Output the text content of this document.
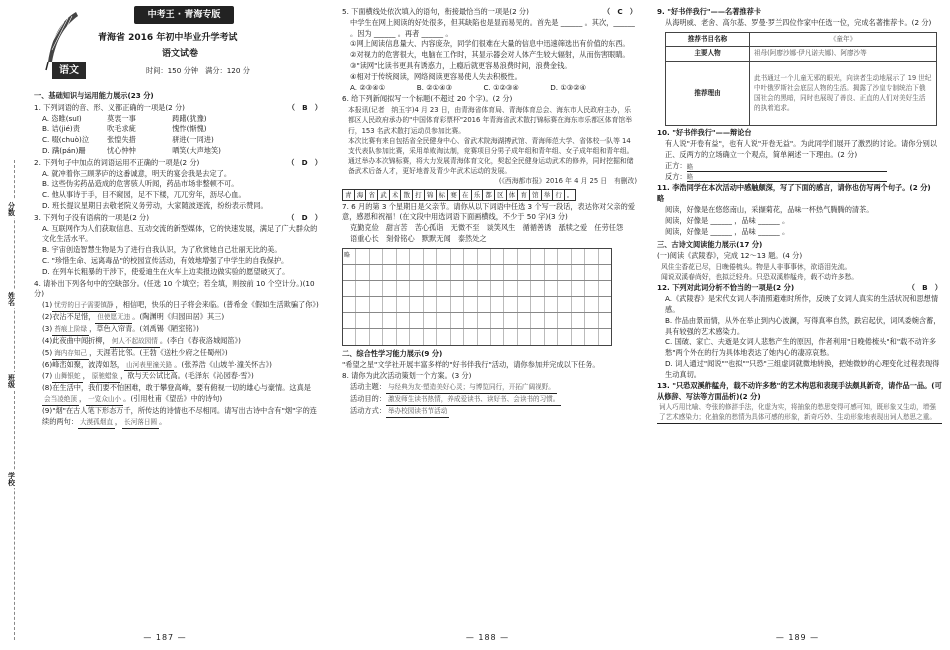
分数
姓名
班级
学校
中考王 · 青海专版
青海省 2016 年初中毕业升学考试
语文试卷
语文	时间：150 分钟　满分：120 分
一、基础知识与运用能力展示(23 分)
（　B　）
1. 下列词语的音、形、义都正确的一项是(2 分)
A. 恣睢(suī)	莫衷一事	踌躇(犹豫)
B. 诘(jié)责	吹毛求疵	愧怍(惭愧)
C. 啜(chuò)泣	张惶失措	骈进(一同进)
D. 蹒(pán)跚	忧心忡忡	哂笑(大声地笑)
（　D　）
2. 下列句子中加点的词语运用不正确的一项是(2 分)
A. 就冲着你三顾茅庐的这番诚意，明天的宴会我是去定了。
B. 这些伪劣药品造成的危害骇人听闻，药品市场非整顿不可。
C. 他从事诗于手，目不窥园，足不下楼，兀兀穷年，沥尽心血。
D. 班长提议星期日去敬老院义务劳动，大家随波逐流，纷纷表示赞同。
（　D　）
3. 下列句子没有语病的一项是(2 分)
A. 互联网作为人们获取信息、互动交流的新型媒体，它的快速发展，满足了广大群众的文化生活水平。
B. 宇宙创造智慧生物是为了进行自我认识，为了欣赏她自己壮丽无比的美。
C. "珍惜生命、远离毒品"的校园宣传活动，有效地增强了中学生的自我保护。
D. 在列车长粗暴的干涉下，使爱迪生在火车上边卖报边做实验的愿望破灭了。
4. 请补出下列各句中的空缺部分。(任选 10 个填空；若全填，则按前 10 个空计分。)(10 分)
(1) 忧劳的日子需要镇静 ，相信吧，快乐的日子将会来临。(普希金《假如生活欺骗了你》)
(2)衣沾不足惜， 但使愿无违 。(陶渊明《归园田居》其三)
(3) 苔痕上阶绿 ，草色入帘青。(刘禹锡《陋室铭》)
(4)此夜曲中闻折柳， 何人不起故园情 。(李白《春夜洛城闻笛》)
(5) 海内存知己 ，天涯若比邻。(王勃《送杜少府之任蜀州》)
(6)峰峦如聚，波涛如怒， 山河表里潼关路 。(张养浩《山坡羊·潼关怀古》)
(7) 山舞银蛇 ， 原驰蜡象 ，欲与天公试比高。(毛泽东《沁园春·雪》)
(8)在生活中，我们要不怕困难，敢于攀登高峰，要有俯视一切的雄心与豪情。这真是会当凌绝顶 ， 一览众山小 。(引用杜甫《望岳》中的诗句)
(9)"烟"在古人笔下形态万千，所传达的诗情也不尽相同。请写出古诗中含有"烟"字的连续的两句： 大漠孤烟直 ， 长河落日圆 。
— 187 —
（　C　）
5. 下面横线处依次填入的语句，衔接最恰当的一项是(2 分)
中学生在网上阅读的好处很多，但其缺陷也是显而易见的。首先是 ______ 。其次，______ 。因为 ______ 。再者 ______ 。
①网上阅读信息量大、内容庞杂，同学们很难在大量的信息中迅速筛选出有价值的东西。
②对视力的危害很大，电脑在工作时，其显示器会对人体产生较大辐射，从而伤害眼睛。
③"读网"比读书更具有诱惑力，上瘾后就更容易浪费时间，浪费金钱。
④相对于传统阅读，网络阅读更容易使人失去积极性。
A. ②③④①	B. ②①④③	C. ①②③④	D. ①③②④
6. 给下列新闻拟写一个标题(不超过 20 个字)。(2 分)
本报讯(记者　纳玉宇)4 月 23 日，由青海省体育局、青海体育总会、海东市人民政府主办，乐都区人民政府承办的"中国体育彩票杯"2016 年青海省武术散打锦标赛在海东市乐都区体育馆举行，153 名武术散打运动员参加比赛。
本次比赛有来自包括省全民健身中心、省武术院海湖搏武馆、青海师范大学、省体校一队等 14 支代表队参加比赛，采用单败淘汰制，竞赛项目分男子成年组和青年组、女子成年组和青年组。
通过举办本次锦标赛，将大力发展青海体育文化，契起全民健身运动武术的修养，同时挖掘和储备武术后备人才，更好地普及青少年武术运动的发展。
(《西海都市报》2016 年 4 月 25 日　有删改)
青 海 省 武 术 散 打 锦 标 赛 在 乐 都 区 体 育 馆 举 行 。
7. 6 月的第 3 个星期日是父亲节。请你从以下词语中任选 3 个写一段话，表达你对父亲的爱意，感恩和祝福！(在文段中用选词语下面画横线，不少于 50 字)(3 分)
克勤克俭　甜言苦　苦心孤诣　无微不至　谈笑风生　循循善诱　舐犊之爱　任劳任怨　语重心长　刻骨铭心　默默无闻　泰然处之
略
二、综合性学习能力展示(9 分)
"希望之星"文学社开展丰富多样的"好书伴我行"活动，请你参加并完成以下任务。
8. 请你为此次活动策划一个方案。(3 分)
活动主题： 与经典为友·塑造美好心灵；与博览同行，开拓广阔视野。
活动目的： 激发师生读书热情，养成爱读书、读好书、会读书的习惯。
活动方式： 举办校园读书节活动
— 188 —
9. "好书伴我行"——名著推荐卡
从海明威、老舍、高尔基、罗曼·罗兰四位作家中任选一位，完成名著推荐卡。(2 分)
推荐书目名称	《童年》
主要人物	祖母(阿廖沙娜·伊凡诺夫娜)、阿廖沙等
推荐理由	此书通过一个儿童无邪的眼光，向读者生动地展示了 19 世纪中叶俄罗斯社会底层人物的生活。揭露了沙皇专制统治下俄国社会的黑暗，同时也展现了善良、正直的人们对美好生活的执着追求。
10. "好书伴我行"——辩论台
有人说"开卷有益"，也有人说"开卷无益"。为此同学们展开了激烈的讨论。请你分别以正、反两方的立场确立一个观点，简单阐述一下理由。(2 分)
正方：略
反方：略
11. 李浩同学在本次活动中感触颇深，写了下面的感言，请你也仿写两个句子。(2 分)　略
阅读，好像是在悠悠南山，采撷菊花，品味一杯热气腾腾的清茶。
阅读，好像是 ______ ，品味 ______ 。
阅读，好像是 ______ ，品味 ______ 。
三、古诗文阅读能力展示(17 分)
(一)阅读《武陵春》，完成 12～13 题。(4 分)
风住尘香花已尽，日晚倦梳头。物是人非事事休，欲语泪先流。
闻说双溪春尚好，也拟泛轻舟。只恐双溪舴艋舟，载不动许多愁。
（　B　）
12. 下列对此词分析不恰当的一项是(2 分)
A.《武陵春》是宋代女词人李清照避难时所作，反映了女词人真实的生活状况和思想情感。
B. 作品由景而情，从外在举止到内心波澜，写得真率自然，跌宕起伏，词风委婉含蓄，具有较强的艺术感染力。
C. 国破、家亡、夫逝是女词人悲愁产生的原因，作者利用"日晚倦梳头"和"载不动许多愁"两个外在的行为具体地表达了她内心的凄凉哀愁。
D. 词人通过"闻说""也拟""只恐"三组虚词就微地转换，把她微妙的心理变化过程表现得生动真切。
13. "只恐双溪舴艋舟，载不动许多愁"的艺术构思和表现手法颇具新奇，请作品一品。(可从修辞、写法等方面品析)(2 分)
词人巧用比喻、夸张的修辞手法，化虚为实，将抽象的愁思变得可感可知，既形象又生动，增强了艺术感染力；化抽象的愁情为具体可感的形象，新奇巧妙、生动形象地表现出词人愁思之重。
— 189 —
